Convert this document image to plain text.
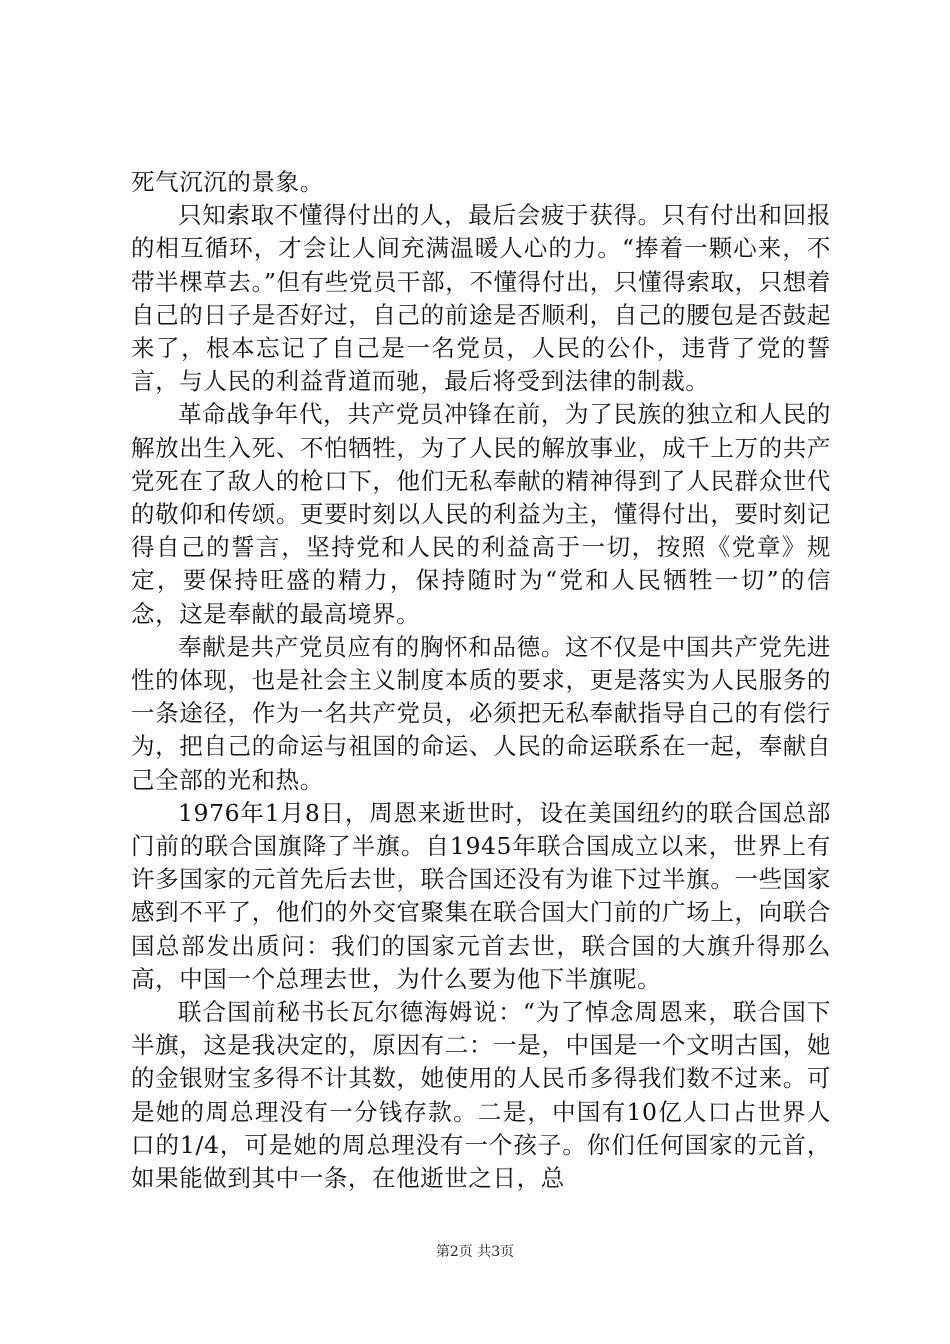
死气沉沉的景象。

只知索取不懂得付出的人，最后会疲于获得。只有付出和回报的相互循环，才会让人间充满温暖人心的力。“捧着一颗心来，不带半棵草去。”但有些党员干部，不懂得付出，只懂得索取，只想着自己的日子是否好过，自己的前途是否顺利，自己的腰包是否鼓起来了，根本忘记了自己是一名党员，人民的公仆，违背了党的誓言，与人民的利益背道而驰，最后将受到法律的制裁。

革命战争年代，共产党员冲锋在前，为了民族的独立和人民的解放出生入死、不怕牺牲，为了人民的解放事业，成千上万的共产党死在了敌人的枪口下，他们无私奉献的精神得到了人民群众世代的敬仰和传颂。更要时刻以人民的利益为主，懂得付出，要时刻记得自己的誓言，坚持党和人民的利益高于一切，按照《党章》规定，要保持旺盛的精力，保持随时为“党和人民牺牲一切”的信念，这是奉献的最高境界。

奉献是共产党员应有的胸怀和品德。这不仅是中国共产党先进性的体现，也是社会主义制度本质的要求，更是落实为人民服务的一条途径，作为一名共产党员，必须把无私奉献指导自己的有偿行为，把自己的命运与祖国的命运、人民的命运联系在一起，奉献自己全部的光和热。

1976年1月8日，周恩来逝世时，设在美国纽约的联合国总部门前的联合国旗降了半旗。自1945年联合国成立以来，世界上有许多国家的元首先后去世，联合国还没有为谁下过半旗。一些国家感到不平了，他们的外交官聚集在联合国大门前的广场上，向联合国总部发出质问：我们的国家元首去世，联合国的大旗升得那么高，中国一个总理去世，为什么要为他下半旗呢。

联合国前秘书长瓦尔德海姆说：“为了悼念周恩来，联合国下半旗，这是我决定的，原因有二：一是，中国是一个文明古国，她的金银财宝多得不计其数，她使用的人民币多得我们数不过来。可是她的周总理没有一分钱存款。二是，中国有10亿人口占世界人口的1/4，可是她的周总理没有一个孩子。你们任何国家的元首，如果能做到其中一条，在他逝世之日，总

第2页 共3页
